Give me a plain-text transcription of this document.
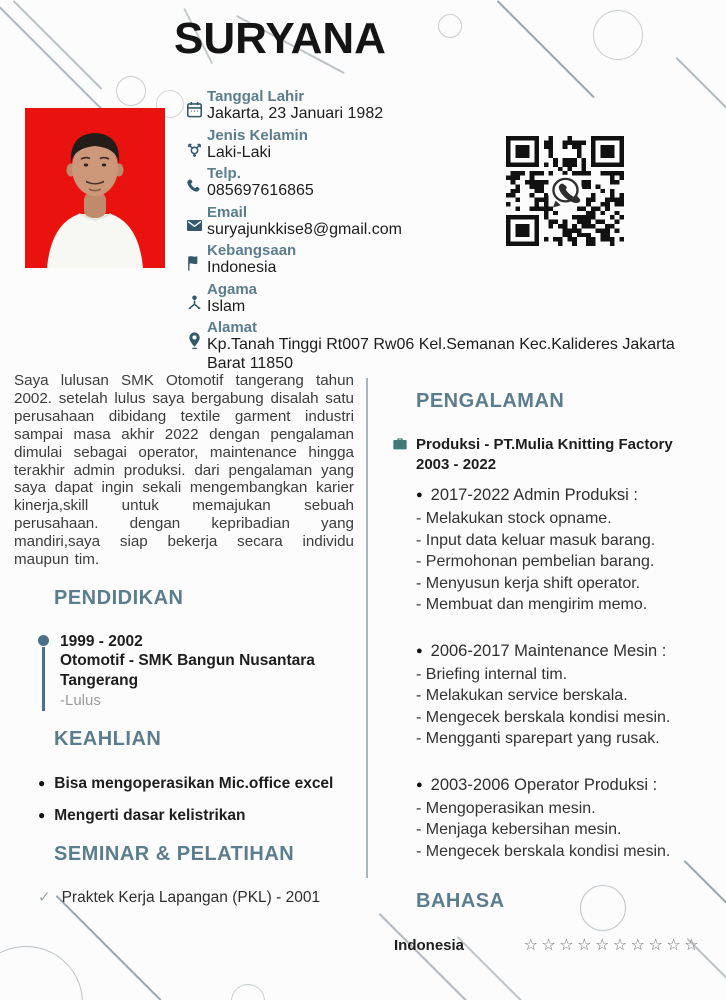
SURYANA
Tanggal Lahir
Jakarta, 23 Januari 1982
Jenis Kelamin
Laki-Laki
Telp.
085697616865
Email
suryajunkkise8@gmail.com
Kebangsaan
Indonesia
Agama
Islam
Alamat
Kp.Tanah Tinggi Rt007 Rw06 Kel.Semanan Kec.Kalideres Jakarta Barat 11850

Saya lulusan SMK Otomotif tangerang tahun 2002. setelah lulus saya bergabung disalah satu perusahaan dibidang textile garment industri sampai masa akhir 2022 dengan pengalaman dimulai sebagai operator, maintenance hingga terakhir admin produksi. dari pengalaman yang saya dapat ingin sekali mengembangkan karier kinerja,skill untuk memajukan sebuah perusahaan. dengan kepribadian yang mandiri,saya siap bekerja secara individu maupun tim.

PENDIDIKAN
1999 - 2002
Otomotif - SMK Bangun Nusantara Tangerang
-Lulus
KEAHLIAN
● Bisa mengoperasikan Mic.office excel
● Mengerti dasar kelistrikan
SEMINAR & PELATIHAN
✓ Praktek Kerja Lapangan (PKL) - 2001
PENGALAMAN
Produksi - PT.Mulia Knitting Factory
2003 - 2022
● 2017-2022 Admin Produksi :
- Melakukan stock opname.
- Input data keluar masuk barang.
- Permohonan pembelian barang.
- Menyusun kerja shift operator.
- Membuat dan mengirim memo.
● 2006-2017 Maintenance Mesin :
- Briefing internal tim.
- Melakukan service berskala.
- Mengecek berskala kondisi mesin.
- Mengganti sparepart yang rusak.
● 2003-2006 Operator Produksi :
- Mengoperasikan mesin.
- Menjaga kebersihan mesin.
- Mengecek berskala kondisi mesin.
BAHASA
Indonesia	☆☆☆☆☆☆☆☆☆☆
